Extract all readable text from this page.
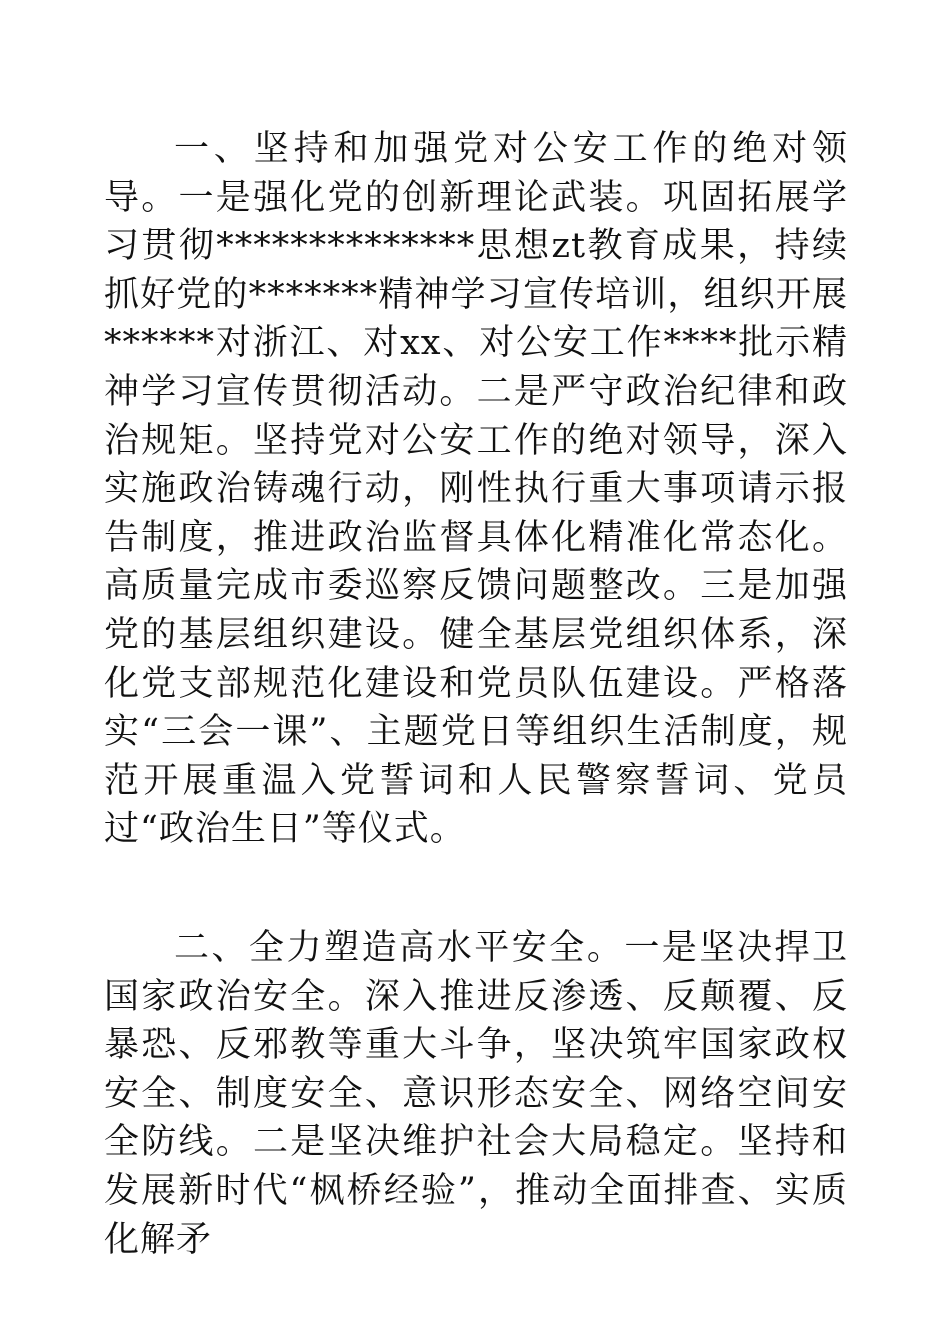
一、坚持和加强党对公安工作的绝对领导。一是强化党的创新理论武装。巩固拓展学习贯彻**************思想zt教育成果，持续抓好党的*******精神学习宣传培训，组织开展******对浙江、对xx、对公安工作****批示精神学习宣传贯彻活动。二是严守政治纪律和政治规矩。坚持党对公安工作的绝对领导，深入实施政治铸魂行动，刚性执行重大事项请示报告制度，推进政治监督具体化精准化常态化。高质量完成市委巡察反馈问题整改。三是加强党的基层组织建设。健全基层党组织体系，深化党支部规范化建设和党员队伍建设。严格落实“三会一课”、主题党日等组织生活制度，规范开展重温入党誓词和人民警察誓词、党员过“政治生日”等仪式。

二、全力塑造高水平安全。一是坚决捍卫国家政治安全。深入推进反渗透、反颠覆、反暴恐、反邪教等重大斗争，坚决筑牢国家政权安全、制度安全、意识形态安全、网络空间安全防线。二是坚决维护社会大局稳定。坚持和发展新时代“枫桥经验”，推动全面排查、实质化解矛
